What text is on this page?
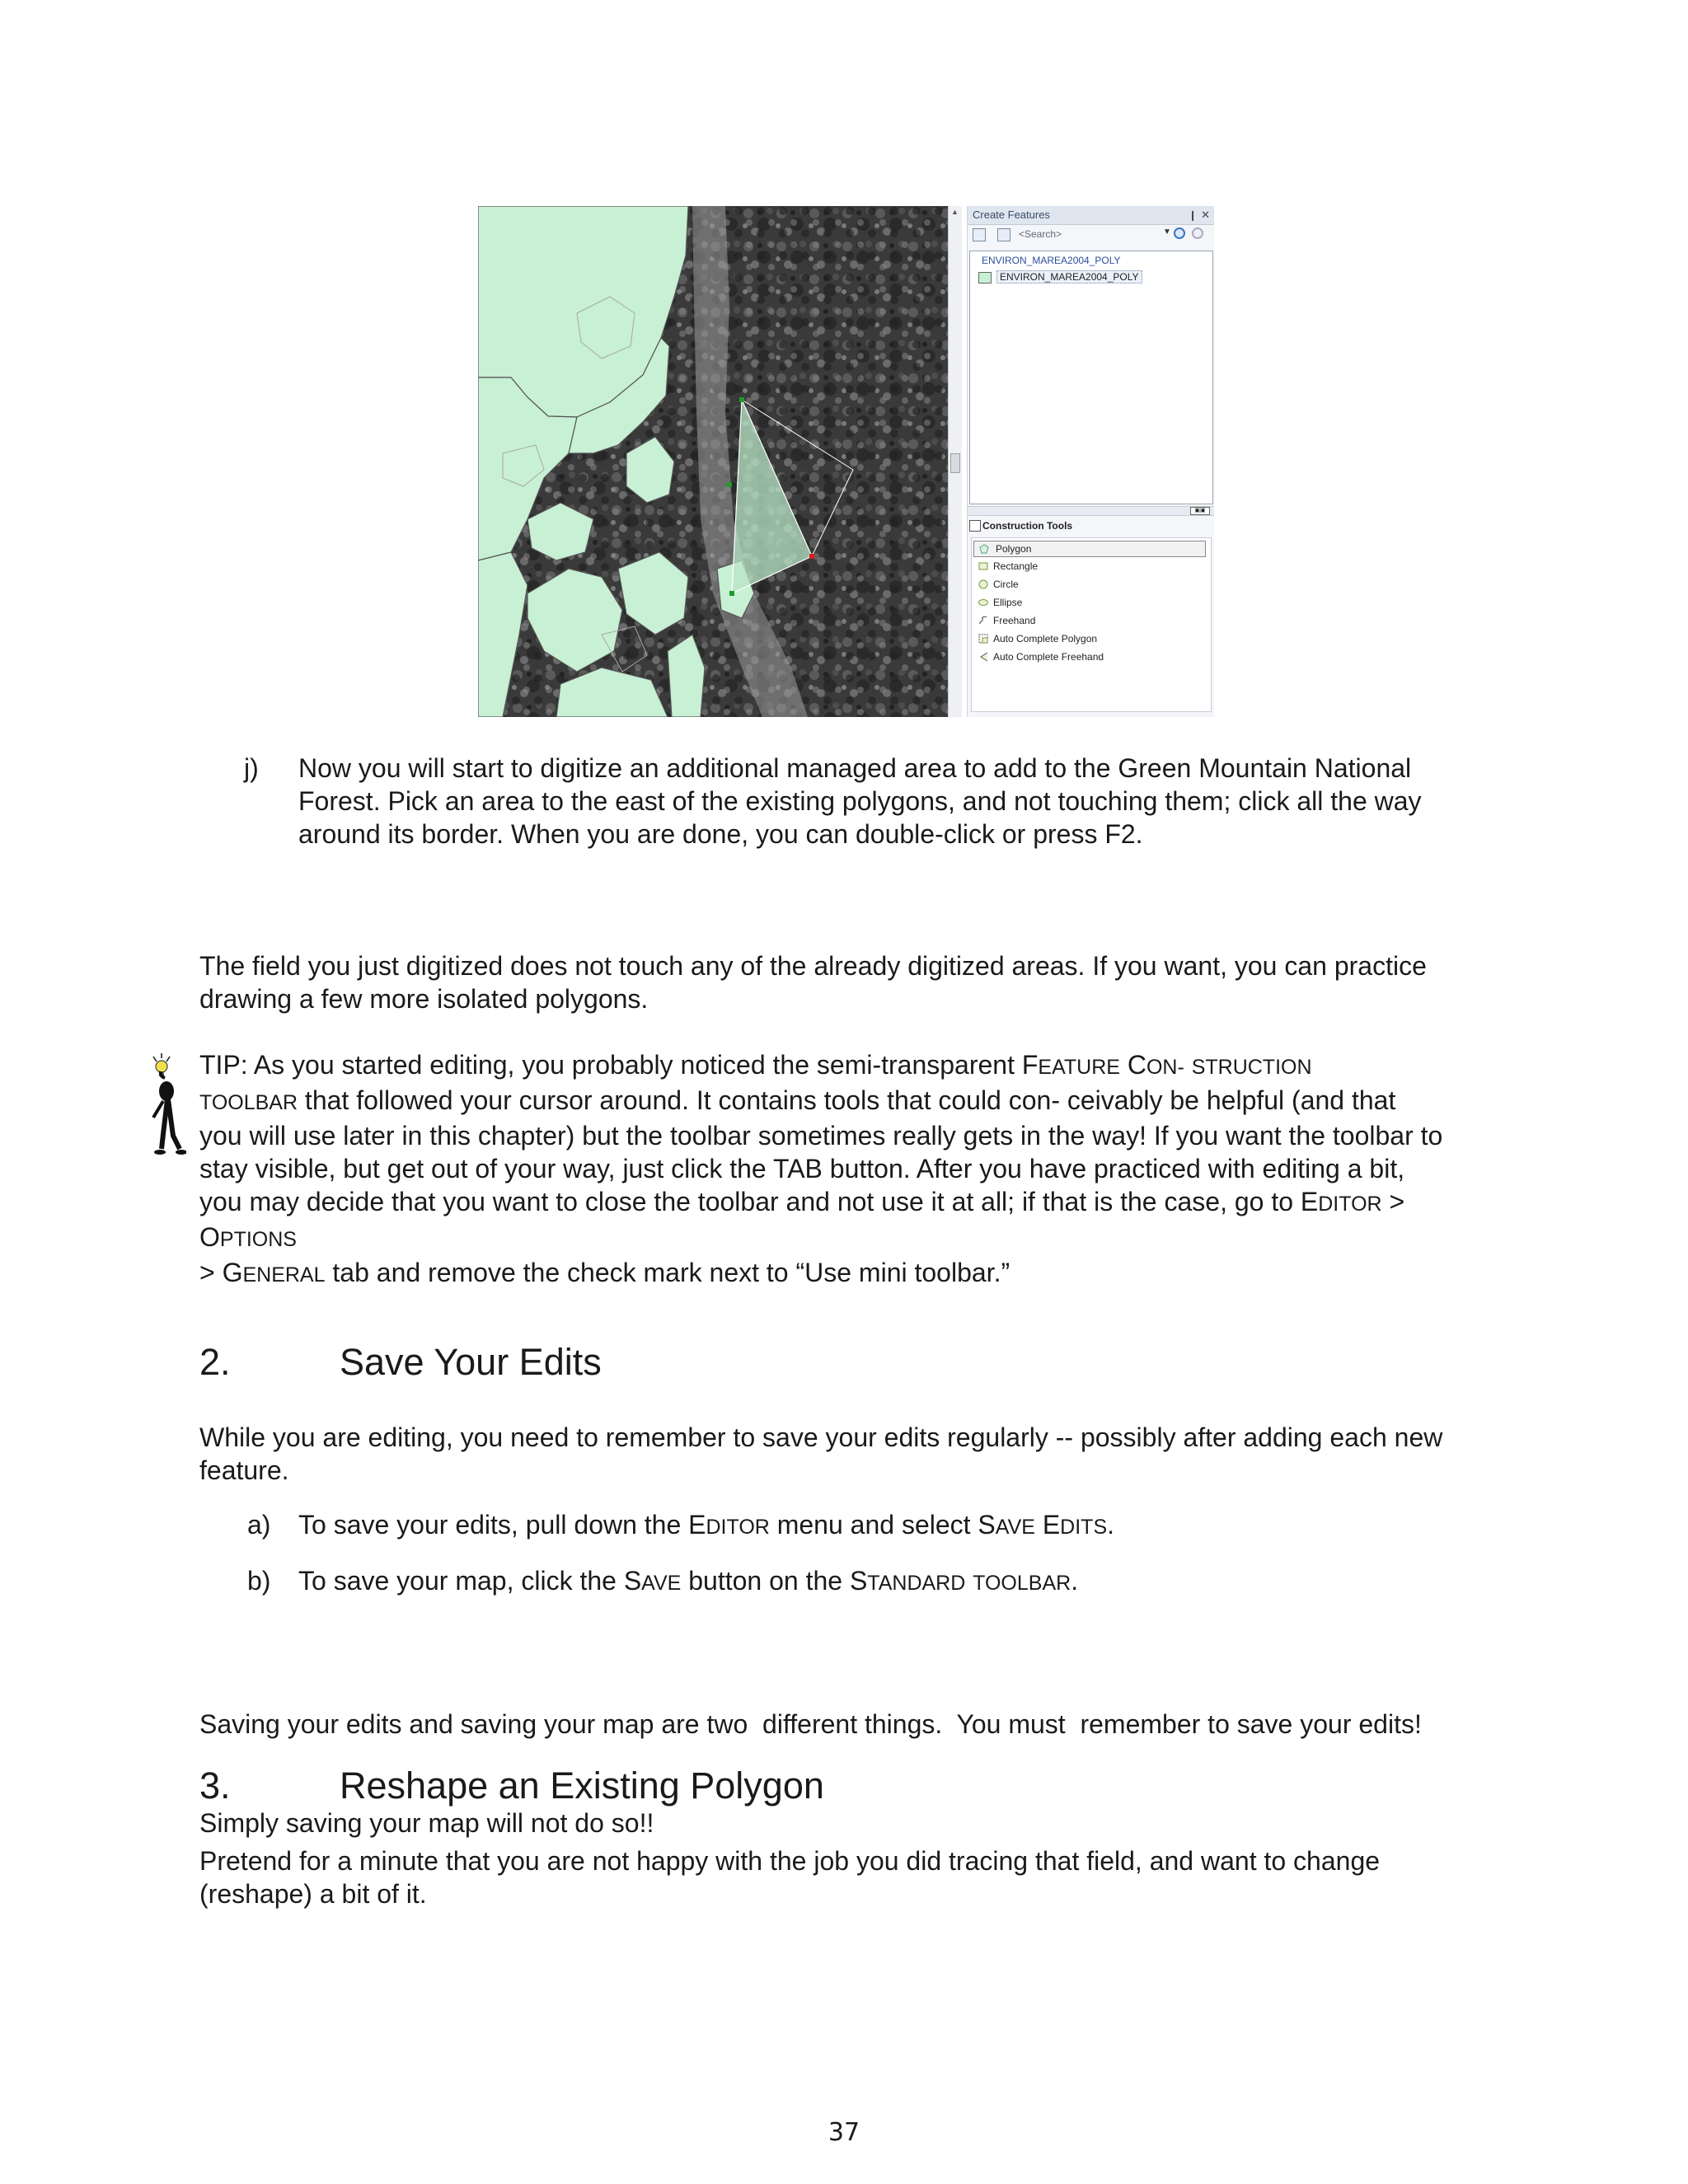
▲	Create Features	❙ ✕
<Search>	▼
ENVIRON_MAREA2004_POLY
ENVIRON_MAREA2004_POLY
▣▣
Construction Tools
Polygon
Rectangle
Circle
Ellipse
Freehand
Auto Complete Polygon
Auto Complete Freehand
j) Now you will start to digitize an additional managed area to add to the Green Mountain National
Forest. Pick an area to the east of the existing polygons, and not touching them; click all the way
around its border. When you are done, you can double-click or press F2.
The field you just digitized does not touch any of the already digitized areas. If you want, you can practice
drawing a few more isolated polygons.
TIP: As you started editing, you probably noticed the semi-transparent FEATURE CON- STRUCTION
TOOLBAR that followed your cursor around. It contains tools that could con- ceivably be helpful (and that
you will use later in this chapter) but the toolbar sometimes really gets in the way! If you want the toolbar to
stay visible, but get out of your way, just click the TAB button. After you have practiced with editing a bit,
you may decide that you want to close the toolbar and not use it at all; if that is the case, go to EDITOR >
OPTIONS
> GENERAL tab and remove the check mark next to “Use mini toolbar.”
2.	Save Your Edits
While you are editing, you need to remember to save your edits regularly -- possibly after adding each new
feature.
a) To save your edits, pull down the EDITOR menu and select SAVE EDITS.
b) To save your map, click the SAVE button on the STANDARD TOOLBAR.

Saving your edits and saving your map are two  different things.  You must  remember to save your edits!

Simply saving your map will not do so!!

3.	Reshape an Existing Polygon
Pretend for a minute that you are not happy with the job you did tracing that field, and want to change
(reshape) a bit of it.
37
